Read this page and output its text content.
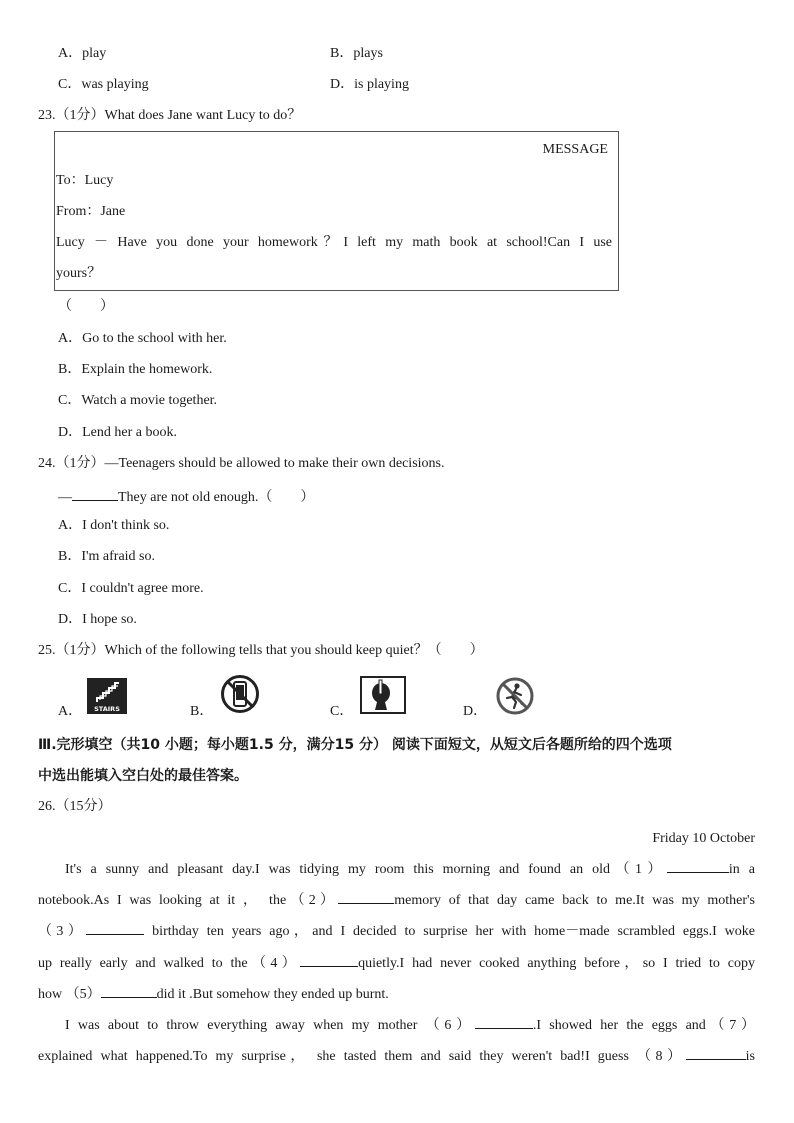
A．play	B．plays
C．was playing	D．is playing
23.（1分）What does Jane want Lucy to do？
MESSAGE
To：Lucy
From：Jane
Lucy － Have you done your homework？I left my math book at school!Can I use
yours？
（　　）
A．Go to the school with her.
B．Explain the homework.
C．Watch a movie together.
D．Lend her a book.
24.（1分）—Teenagers should be allowed to make their own decisions.
—	They are not old enough.（　　）
A．I don't think so.
B．I'm afraid so.
C．I couldn't agree more.
D．I hope so.
25.（1分）Which of the following tells that you should keep quiet？（　　）
A． STAIRS	B．	C．	D．
Ⅲ.完形填空（共10 小题；每小题1.5 分，满分15 分） 阅读下面短文，从短文后各题所给的四个选项
中选出能填入空白处的最佳答案。
26.（15分）
Friday 10 October

It's a sunny and pleasant day.I was tidying my room this morning and found an old（1）	in a

notebook.As I was looking at it ， the（2）	memory of that day came back to me.It was my mother's

（3）	birthday ten years ago，and I decided to surprise her with home－made scrambled eggs.I woke

up really early and walked to the（4）	quietly.I had never cooked anything before，so I tried to copy

how （5）	did it .But somehow they ended up burnt.

I was about to throw everything away when my mother （6）	.I showed her the eggs and（7）

explained what happened.To my surprise， she tasted them and said they weren't bad!I guess （8）	is
